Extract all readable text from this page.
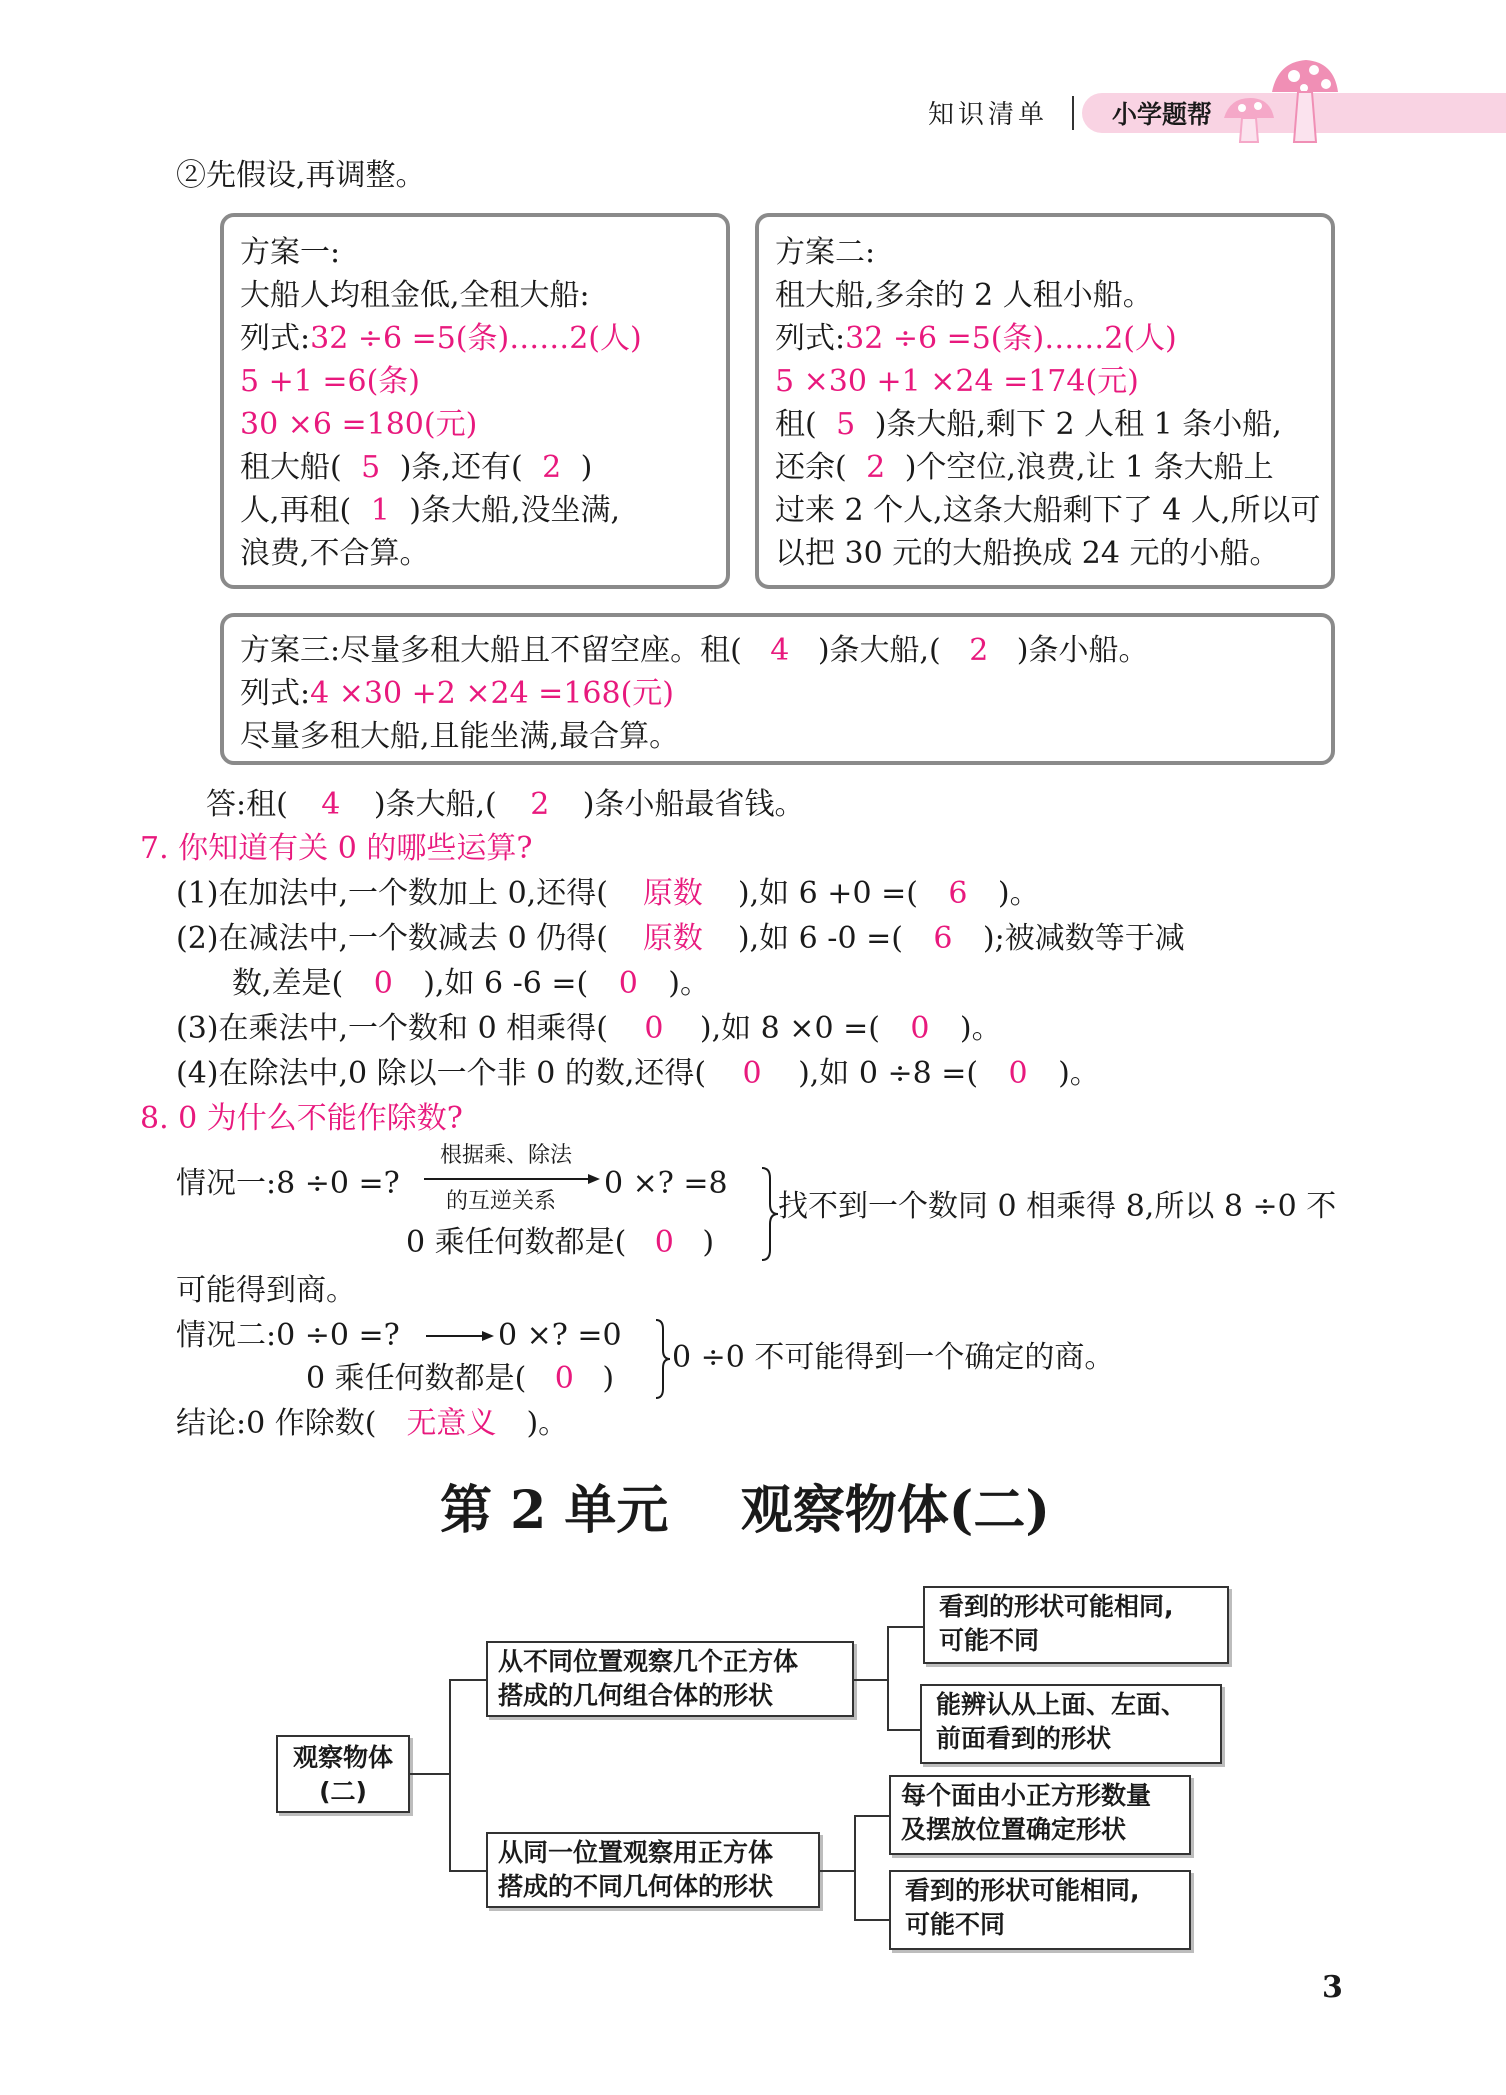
知识清单	小学题帮
②先假设,再调整。
方案一:
大船人均租金低,全租大船:
列式:32 ÷6 =5(条)……2(人)
5 +1 =6(条)
30 ×6 =180(元)
租大船( 5 )条,还有( 2 )
人,再租( 1 )条大船,没坐满,
浪费,不合算。
方案二:
租大船,多余的 2 人租小船。
列式:32 ÷6 =5(条)……2(人)
5 ×30 +1 ×24 =174(元)
租( 5 )条大船,剩下 2 人租 1 条小船,
还余( 2 )个空位,浪费,让 1 条大船上
过来 2 个人,这条大船剩下了 4 人,所以可
以把 30 元的大船换成 24 元的小船。
方案三:尽量多租大船且不留空座。租( 4 )条大船,( 2 )条小船。
列式:4 ×30 +2 ×24 =168(元)
尽量多租大船,且能坐满,最合算。
答:租( 4 )条大船,( 2 )条小船最省钱。
7. 你知道有关 0 的哪些运算?
(1)在加法中,一个数加上 0,还得( 原数 ),如 6 +0 =( 6 )。
(2)在减法中,一个数减去 0 仍得( 原数 ),如 6 -0 =( 6 );被减数等于减
数,差是( 0 ),如 6 -6 =( 0 )。
(3)在乘法中,一个数和 0 相乘得( 0 ),如 8 ×0 =( 0 )。
(4)在除法中,0 除以一个非 0 的数,还得( 0 ),如 0 ÷8 =( 0 )。
8. 0 为什么不能作除数?
情况一:8 ÷0 =?
根据乘、除法
的互逆关系
0 ×? =8
0 乘任何数都是( 0 )
找不到一个数同 0 相乘得 8,所以 8 ÷0 不
可能得到商。
情况二:0 ÷0 =?	0 ×? =0
0 乘任何数都是( 0 )
0 ÷0 不可能得到一个确定的商。
结论:0 作除数( 无意义 )。
第 2 单元    观察物体(二)
观察物体
(二)
从不同位置观察几个正方体
搭成的几何组合体的形状
看到的形状可能相同,
可能不同
能辨认从上面、左面、
前面看到的形状
从同一位置观察用正方体
搭成的不同几何体的形状
每个面由小正方形数量
及摆放位置确定形状
看到的形状可能相同,
可能不同
3
